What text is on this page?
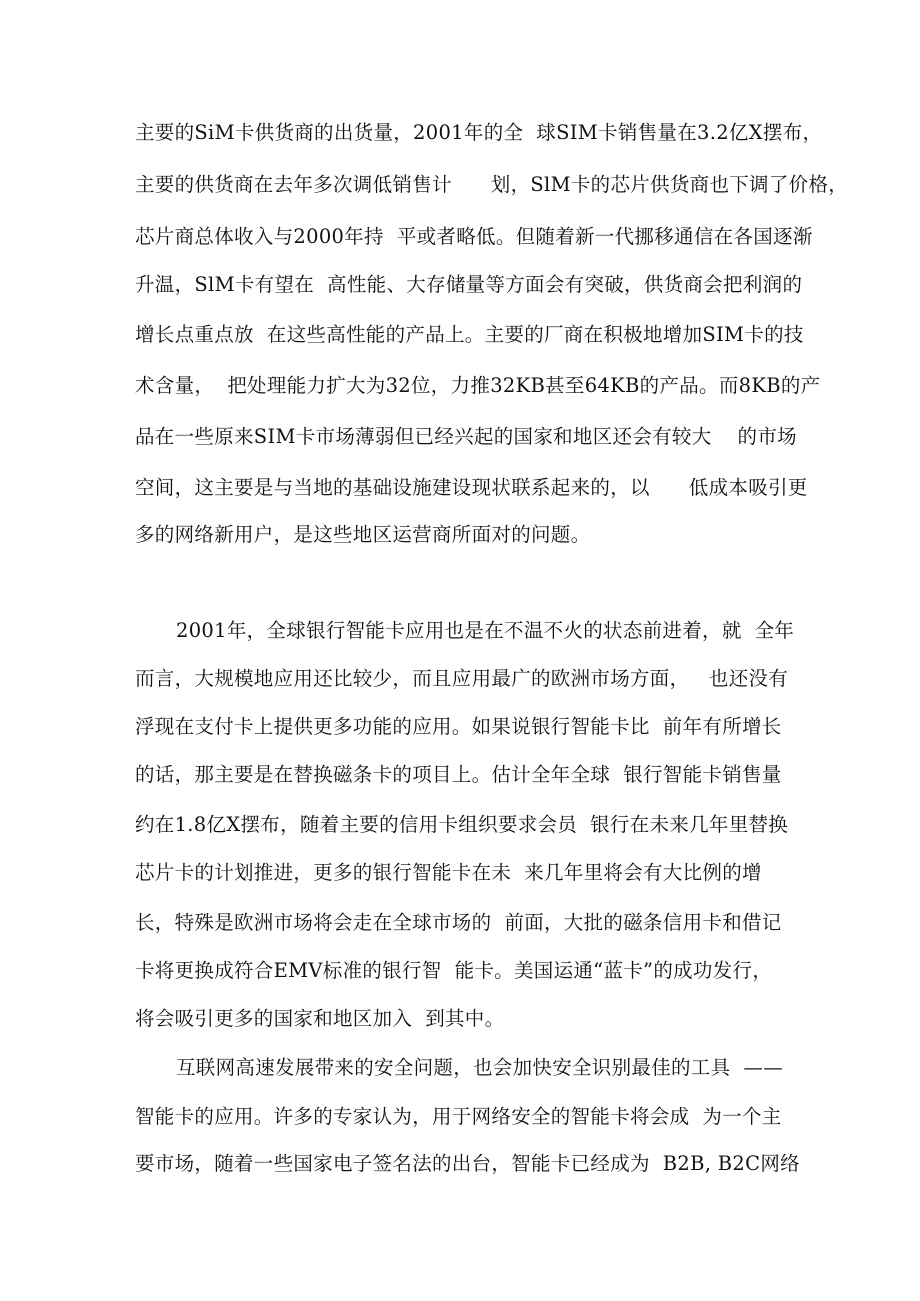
主要的SiM卡供货商的出货量，2001年的全  球SIM卡销售量在3.2亿X摆布，
主要的供货商在去年多次调低销售计      划，SlM卡的芯片供货商也下调了价格，
芯片商总体收入与2000年持  平或者略低。但随着新一代挪移通信在各国逐渐
升温，SlM卡有望在  高性能、大存储量等方面会有突破，供货商会把利润的
增长点重点放  在这些高性能的产品上。主要的厂商在积极地增加SIM卡的技
术含量，  把处理能力扩大为32位，力推32KB甚至64KB的产品。而8KB的产
品在一些原来SIM卡市场薄弱但已经兴起的国家和地区还会有较大    的市场
空间，这主要是与当地的基础设施建设现状联系起来的，以      低成本吸引更
多的网络新用户，是这些地区运营商所面对的问题。
2001年，全球银行智能卡应用也是在不温不火的状态前进着，就  全年
而言，大规模地应用还比较少，而且应用最广的欧洲市场方面，   也还没有
浮现在支付卡上提供更多功能的应用。如果说银行智能卡比  前年有所增长
的话，那主要是在替换磁条卡的项目上。估计全年全球  银行智能卡销售量
约在1.8亿X摆布，随着主要的信用卡组织要求会员  银行在未来几年里替换
芯片卡的计划推进，更多的银行智能卡在未  来几年里将会有大比例的增
长，特殊是欧洲市场将会走在全球市场的  前面，大批的磁条信用卡和借记
卡将更换成符合EMV标准的银行智  能卡。美国运通“蓝卡”的成功发行，
将会吸引更多的国家和地区加入  到其中。
互联网高速发展带来的安全问题，也会加快安全识别最佳的工具  ——
智能卡的应用。许多的专家认为，用于网络安全的智能卡将会成  为一个主
要市场，随着一些国家电子签名法的出台，智能卡已经成为  B2B, B2C网络
